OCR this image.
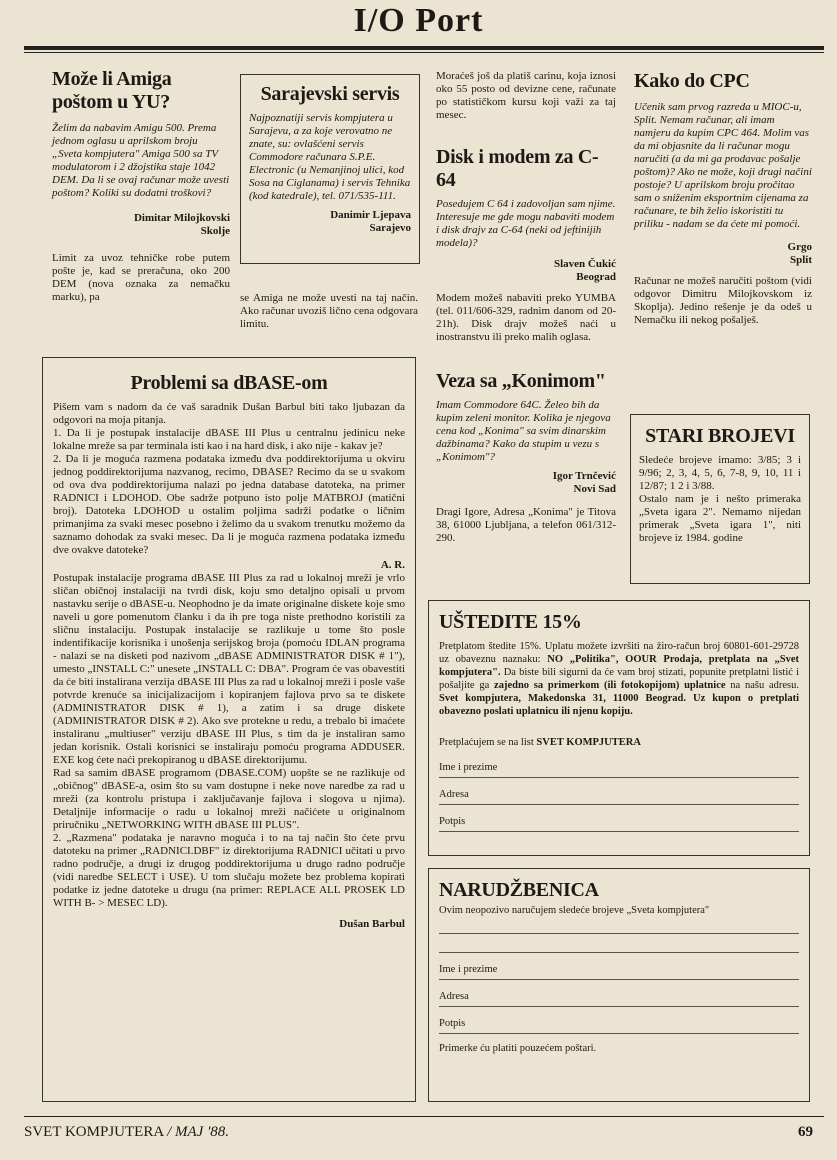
I/O Port
Može li Amiga poštom u YU?

Želim da nabavim Amigu 500. Prema jednom oglasu u aprilskom broju „Sveta kompjutera" Amiga 500 sa TV modulatorom i 2 džojstika staje 1042 DEM. Da li se ovaj računar može uvesti poštom? Koliki su dodatni troškovi?

Dimitar Milojkovski

Skolje

Limit za uvoz tehničke robe putem pošte je, kad se preračuna, oko 200 DEM (nova oznaka za nemačku marku), pa

Sarajevski servis

Najpoznatiji servis kompjutera u Sarajevu, a za koje verovatno ne znate, su: ovlašćeni servis Commodore računara S.P.E. Electronic (u Nemanjinoj ulici, kod Sosa na Ciglanama) i servis Tehnika (kod katedrale), tel. 071/535-111.

Danimir Ljepava

Sarajevo

se Amiga ne može uvesti na taj način. Ako računar uvoziš lično cena odgovara limitu.

Moraćeš još da platiš carinu, koja iznosi oko 55 posto od devizne cene, računate po statističkom kursu koji važi za taj mesec.

Disk i modem za C-64

Posedujem C 64 i zadovoljan sam njime. Interesuje me gde mogu nabaviti modem i disk drajv za C-64 (neki od jeftinijih modela)?

Slaven Čukić

Beograd

Modem možeš nabaviti preko YUMBA (tel. 011/606-329, radnim danom od 20-21h). Disk drajv možeš naći u inostranstvu ili preko malih oglasa.

Veza sa „Konimom"

Imam Commodore 64C. Želeo bih da kupim zeleni monitor. Kolika je njegova cena kod „Konima" sa svim dinarskim dažbinama? Kako da stupim u vezu s „Konimom"?

Igor Trnčević

Novi Sad

Dragi Igore, Adresa „Konima" je Titova 38, 61000 Ljubljana, a telefon 061/312-290.

Kako do CPC

Učenik sam prvog razreda u MIOC-u, Split. Nemam računar, ali imam namjeru da kupim CPC 464. Molim vas da mi objasnite da li računar mogu naručiti (a da mi ga prodavac pošalje poštom)? Ako ne može, koji drugi načini postoje? U aprilskom broju pročitao sam o sniženim eksportnim cijenama za računare, te bih želio iskoristiti tu priliku - nadam se da ćete mi pomoći.

Grgo

Split

Računar ne možeš naručiti poštom (vidi odgovor Dimitru Milojkovskom iz Skoplja). Jedino rešenje je da odeš u Nemačku ili nekog pošalješ.

STARI BROJEVI

Sledeće brojeve imamo: 3/85; 3 i 9/96; 2, 3, 4, 5, 6, 7-8, 9, 10, 11 i 12/87; 1 2 i 3/88.

Ostalo nam je i nešto primeraka „Sveta igara 2". Nemamo nijedan primerak „Sveta igara 1", niti brojeve iz 1984. godine

Problemi sa dBASE-om

Pišem vam s nadom da će vaš saradnik Dušan Barbul biti tako ljubazan da odgovori na moja pitanja.

1. Da li je postupak instalacije dBASE III Plus u centralnu jedinicu neke lokalne mreže sa par terminala isti kao i na hard disk, i ako nije - kakav je?

2. Da li je moguća razmena podataka između dva poddirektorijuma u okviru jednog poddirektorijuma nazvanog, recimo, DBASE? Recimo da se u svakom od ova dva poddirektorijuma nalazi po jedna database datoteka, na primer RADNICI i LDOHOD. Obe sadrže potpuno isto polje MATBROJ (matični broj). Datoteka LDOHOD u ostalim poljima sadrži podatke o ličnim primanjima za svaki mesec posebno i želimo da u svakom trenutku možemo da saznamo dohodak za svaki mesec. Da li je moguća razmena podataka između dve ovakve datoteke?

A. R.

Postupak instalacije programa dBASE III Plus za rad u lokalnoj mreži je vrlo sličan običnoj instalaciji na tvrdi disk, koju smo detaljno opisali u prvom nastavku serije o dBASE-u. Neophodno je da imate originalne diskete koje smo naveli u gore pomenutom članku i da ih pre toga niste prethodno koristili za sličnu instalaciju. Postupak instalacije se razlikuje u tome što posle indentifikacije korisnika i unošenja serijskog broja (pomoću IDLAN programa - nalazi se na disketi pod nazivom „dBASE ADMINISTRATOR DISK # 1"), umesto „INSTALL C:" unesete „INSTALL C: DBA". Program će vas obavestiti da će biti instalirana verzija dBASE III Plus za rad u lokalnoj mreži i posle vaše potvrde krenuće sa inicijalizacijom i kopiranjem fajlova prvo sa te diskete (ADMINISTRATOR DISK # 1), a zatim i sa druge diskete (ADMINISTRATOR DISK # 2). Ako sve protekne u redu, a trebalo bi imaćete instaliranu „multiuser" verziju dBASE III Plus, s tim da je instaliran samo jedan korisnik. Ostali korisnici se instaliraju pomoću programa ADDUSER. EXE kog ćete naći prekopiranog u dBASE direktorijumu.

Rad sa samim dBASE programom (DBASE.COM) uopšte se ne razlikuje od „običnog" dBASE-a, osim što su vam dostupne i neke nove naredbe za rad u mreži (za kontrolu pristupa i zaključavanje fajlova i slogova u njima). Detaljnije informacije o radu u lokalnoj mreži načićete u originalnom priručniku „NETWORKING WITH dBASE III PLUS".

2. „Razmena" podataka je naravno moguća i to na taj način što ćete prvu datoteku na primer „RADNICI.DBF" iz direktorijuma RADNICI učitati u prvo radno područje, a drugi iz drugog poddirektorijuma u drugo radno područje (vidi naredbe SELECT i USE). U tom slučaju možete bez problema kopirati podatke iz jedne datoteke u drugu (na primer: REPLACE ALL PROSEK LD WITH B- > MESEC LD).

Dušan Barbul

UŠTEDITE 15%

Pretplatom štedite 15%. Uplatu možete izvršiti na žiro-račun broj 60801-601-29728 uz obaveznu naznaku: NO „Politika", OOUR Prodaja, pretplata na „Svet kompjutera". Da biste bili sigurni da će vam broj stizati, popunite pretplatni listić i pošaljite ga zajedno sa primerkom (ili fotokopijom) uplatnice na našu adresu. Svet kompjutera, Makedonska 31, 11000 Beograd. Uz kupon o pretplati obavezno poslati uplatnicu ili njenu kopiju.

Pretplaćujem se na list SVET KOMPJUTERA

Ime i prezime
Adresa
Potpis
NARUDŽBENICA

Ovim neopozivo naručujem sledeće brojeve „Sveta kompjutera"

Ime i prezime
Adresa
Potpis

Primerke ću platiti pouzećem poštari.

SVET KOMPJUTERA / MAJ '88.	69
